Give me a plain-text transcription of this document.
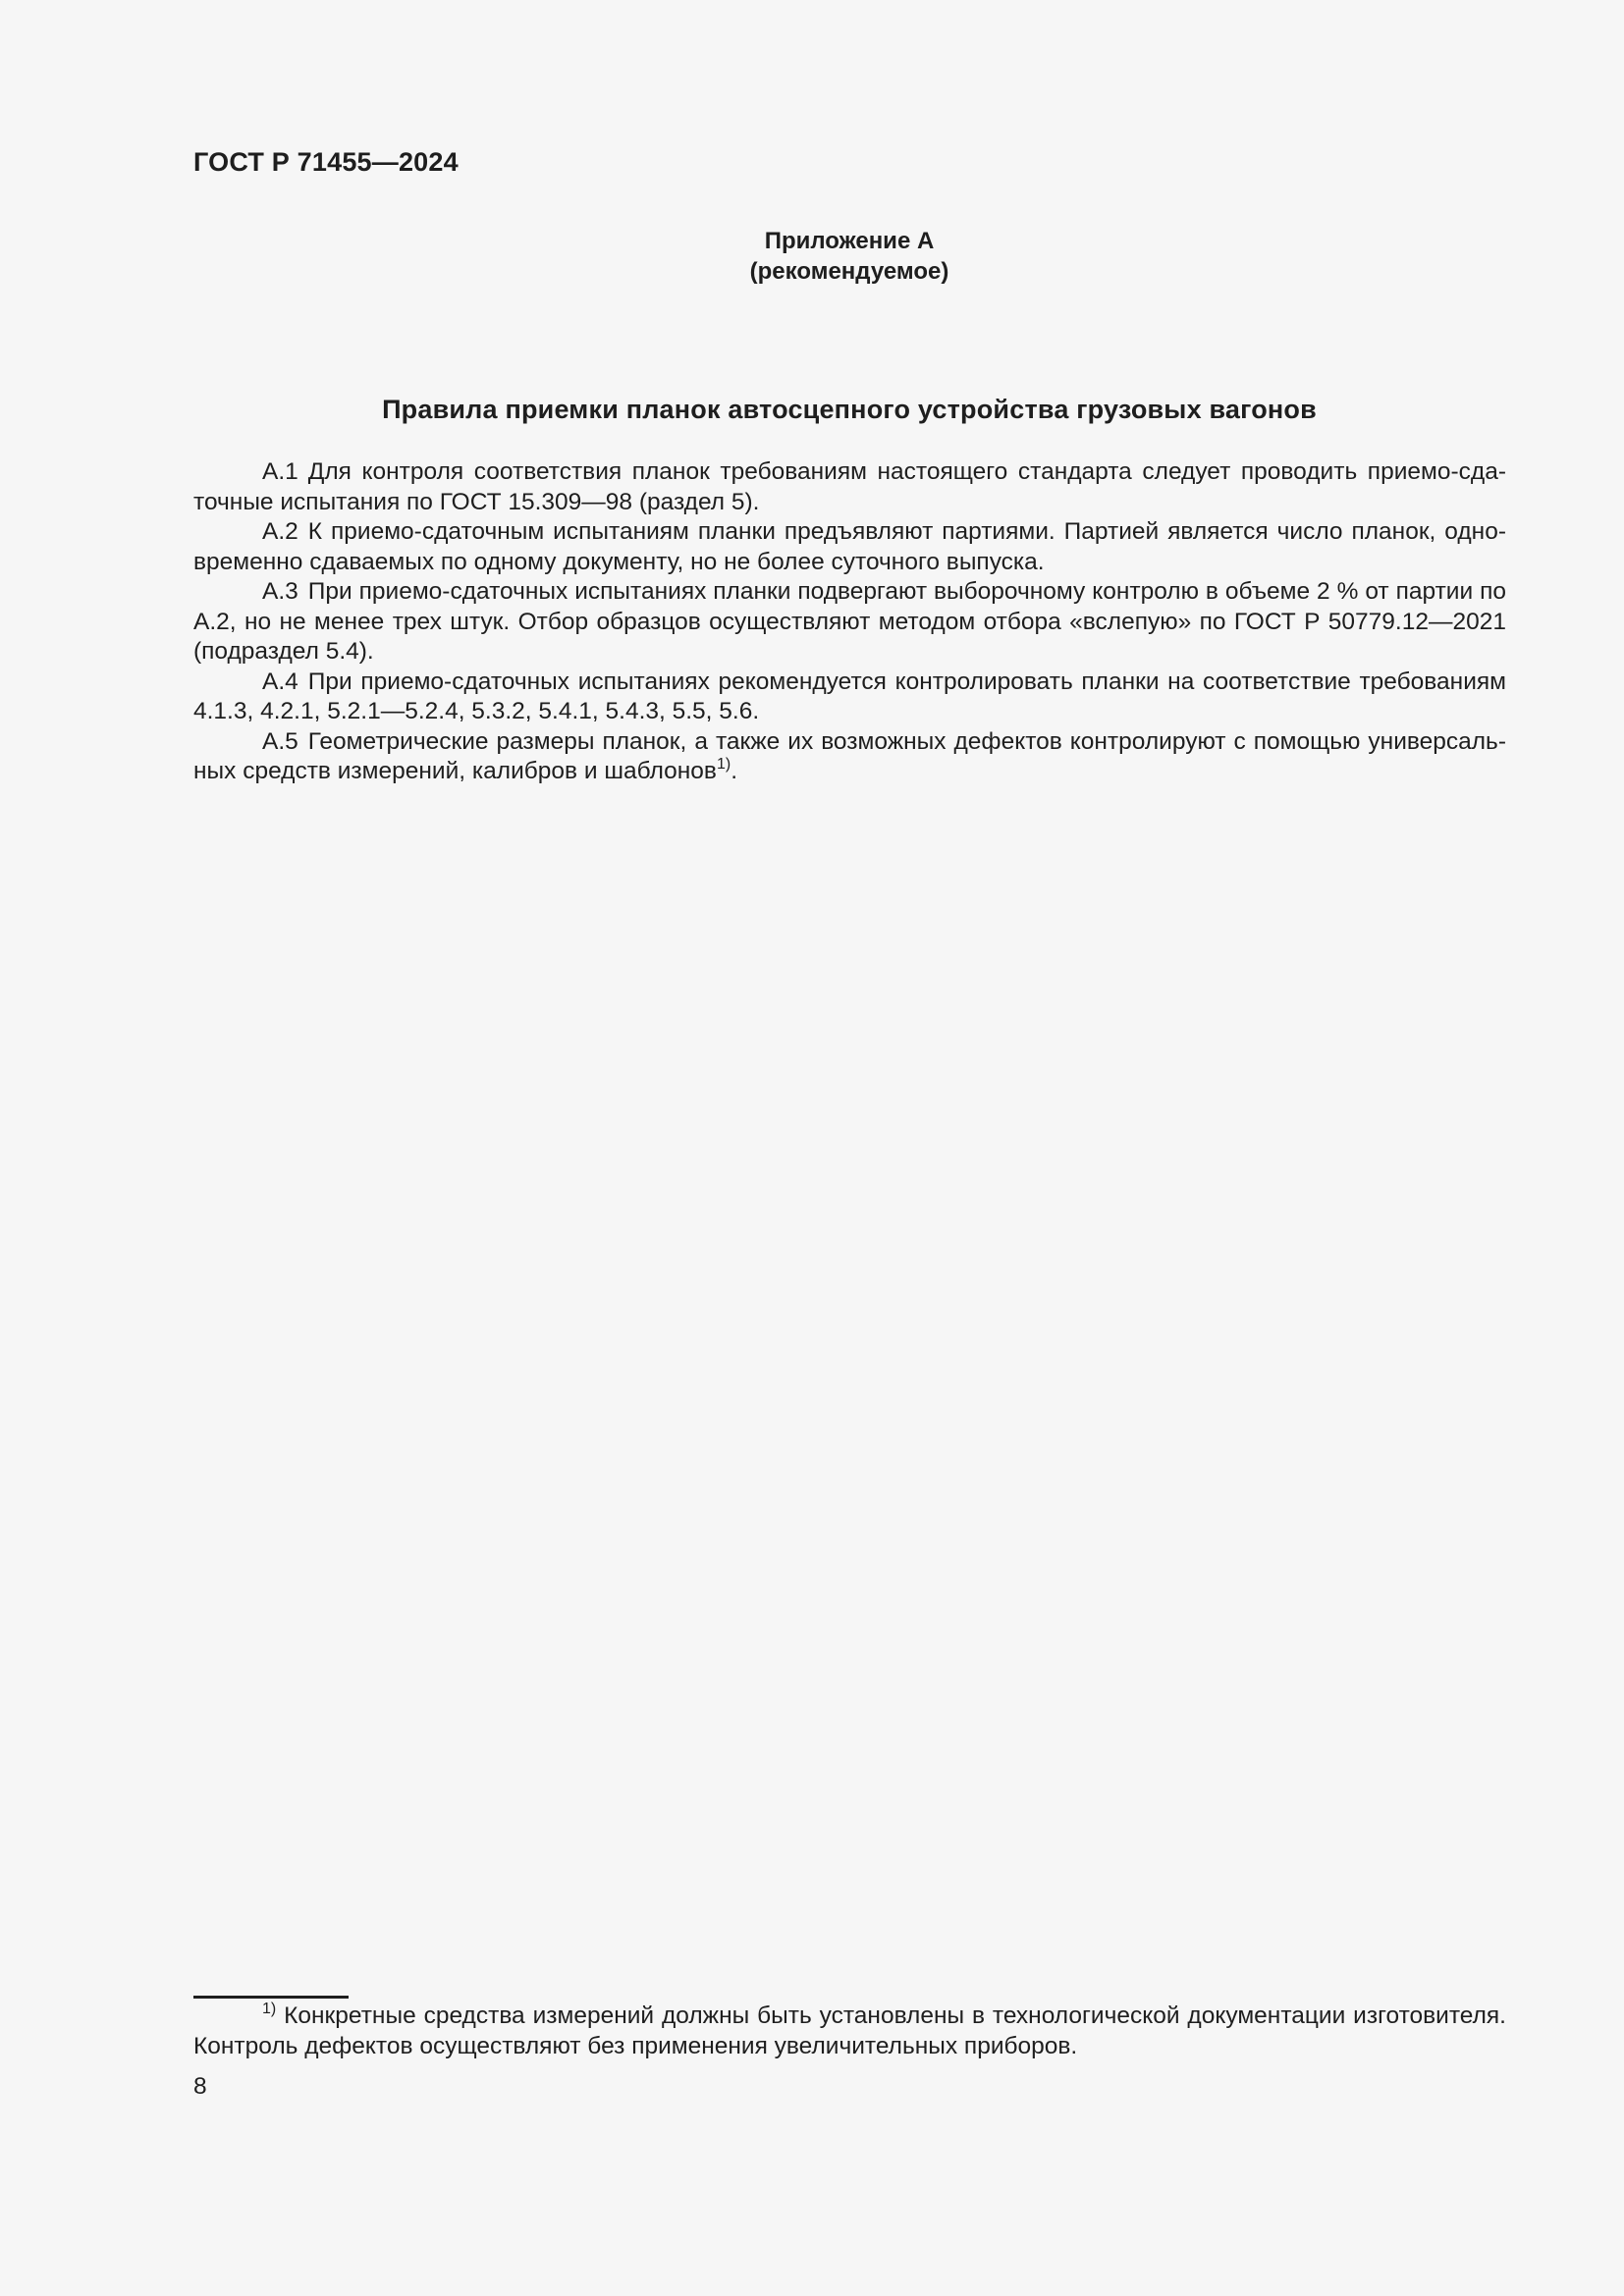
ГОСТ Р 71455—2024
Приложение А
(рекомендуемое)
Правила приемки планок автосцепного устройства грузовых вагонов

А.1 Для контроля соответствия планок требованиям настоящего стандарта следует проводить приемо-сдаточные испытания по ГОСТ 15.309—98 (раздел 5).

А.2 К приемо-сдаточным испытаниям планки предъявляют партиями. Партией является число планок, одновременно сдаваемых по одному документу, но не более суточного выпуска.

А.3 При приемо-сдаточных испытаниях планки подвергают выборочному контролю в объеме 2 % от партии по А.2, но не менее трех штук. Отбор образцов осуществляют методом отбора «вслепую» по ГОСТ Р 50779.12—2021 (подраздел 5.4).

А.4 При приемо-сдаточных испытаниях рекомендуется контролировать планки на соответствие требованиям 4.1.3, 4.2.1, 5.2.1—5.2.4, 5.3.2, 5.4.1, 5.4.3, 5.5, 5.6.

А.5 Геометрические размеры планок, а также их возможных дефектов контролируют с помощью универсальных средств измерений, калибров и шаблонов$^{1)}$.

$^{1)}$ Конкретные средства измерений должны быть установлены в технологической документации изготовителя. Контроль дефектов осуществляют без применения увеличительных приборов.
8
